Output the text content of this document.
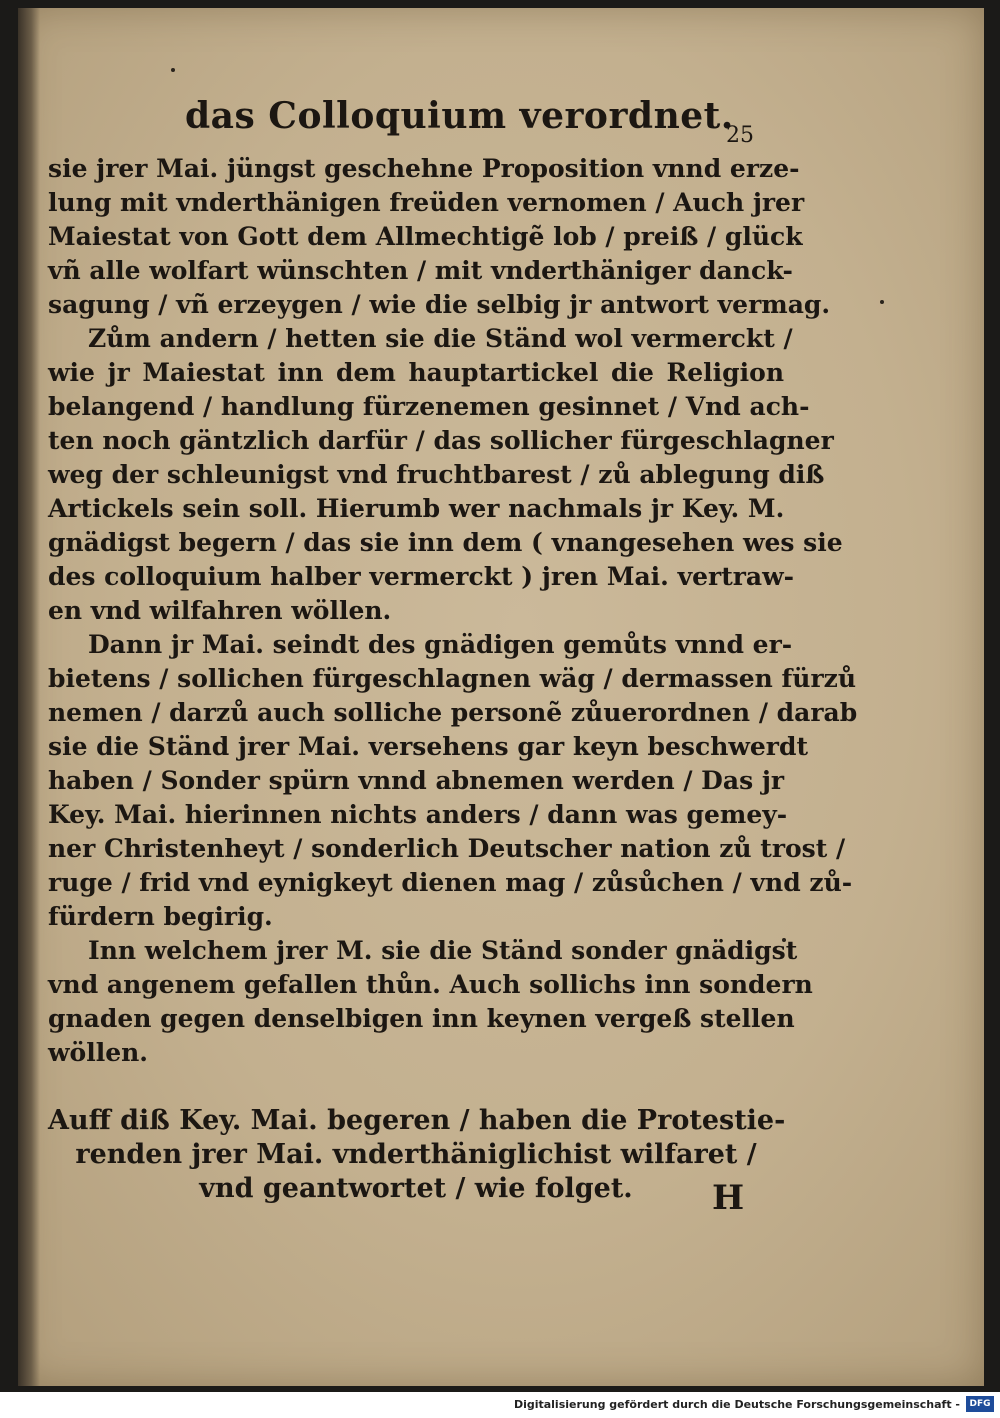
das Colloquium verordnet.
25
sie jrer Mai. jüngst geschehne Proposition vnnd erze-
lung mit vnderthänigen freüden vernomen / Auch jrer
Maiestat von Gott dem Allmechtigẽ lob / preiß / glück
vñ alle wolfart wünschten / mit vnderthäniger danck-
sagung / vñ erzeygen / wie die selbig jr antwort vermag.
Zům andern / hetten sie die Ständ wol vermerckt /
wie jr Maiestat inn dem hauptartickel die Religion
belangend / handlung fürzenemen gesinnet / Vnd ach-
ten noch gäntzlich darfür / das sollicher fürgeschlagner
weg der schleunigst vnd fruchtbarest / zů ablegung diß
Artickels sein soll. Hierumb wer nachmals jr Key. M.
gnädigst begern / das sie inn dem ( vnangesehen wes sie
des colloquium halber vermerckt ) jren Mai. vertraw-
en vnd wilfahren wöllen.
Dann jr Mai. seindt des gnädigen gemůts vnnd er-
bietens / sollichen fürgeschlagnen wäg / dermassen fürzů
nemen / darzů auch solliche personẽ zůuerordnen / darab
sie die Ständ jrer Mai. versehens gar keyn beschwerdt
haben / Sonder spürn vnnd abnemen werden / Das jr
Key. Mai. hierinnen nichts anders / dann was gemey-
ner Christenheyt / sonderlich Deutscher nation zů trost /
ruge / frid vnd eynigkeyt dienen mag / zůsůchen / vnd zů-
fürdern begirig.
Inn welchem jrer M. sie die Ständ sonder gnädigst
vnd angenem gefallen thůn. Auch sollichs inn sondern
gnaden gegen denselbigen inn keynen vergeß stellen
wöllen.
Auff diß Key. Mai. begeren / haben die Protestie-
renden jrer Mai. vnderthäniglichist wilfaret /
vnd geantwortet / wie folget.	H
Digitalisierung gefördert durch die Deutsche Forschungsgemeinschaft -	DFG
